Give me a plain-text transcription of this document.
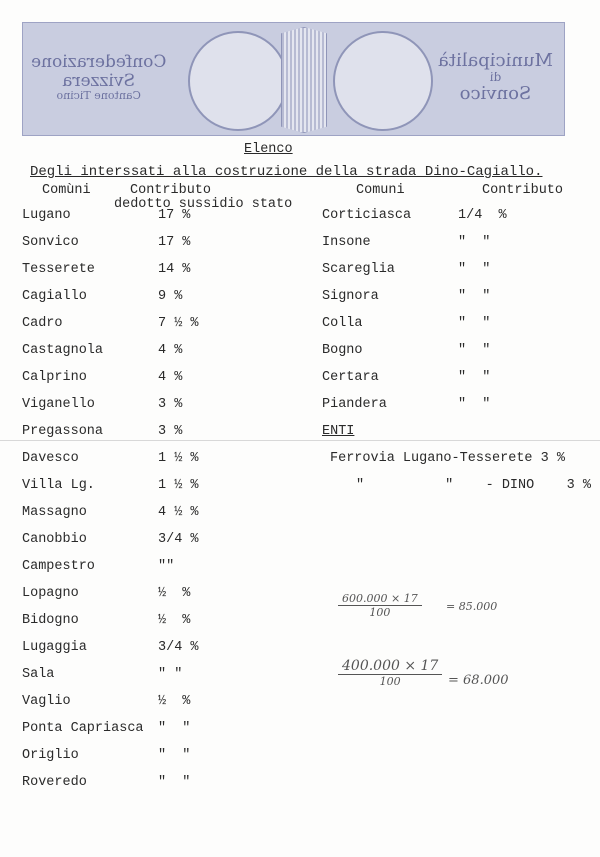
Confederazione
Svizzera
Cantone Ticino
Municipalità
di
Sonvico
Elenco
Degli interssati alla costruzione della strada Dino-Cagiallo.
Comùni	Contributo
dedotto sussidio stato
Comuni	Contributo
Lugano	17 %
Sonvico	17 %
Tesserete	14 %
Cagiallo	9 %
Cadro	7 ½ %
Castagnola	4 %
Calprino	4 %
Viganello	3 %
Pregassona	3 %
Davesco	1 ½ %
Villa Lg.	1 ½ %
Massagno	4 ½ %
Canobbio	3/4 %
Campestro	""
Lopagno	½  %
Bidogno	½  %
Lugaggia	3/4 %
Sala	" "
Vaglio	½  %
Ponta Capriasca "  "
Origlio	"  "
Roveredo	"  "
Corticiasca	1/4  %
Insone	"  "
Scareglia	"  "
Signora	"  "
Colla	"  "
Bogno	"  "
Certara	"  "
Piandera	"  "
ENTI
Ferrovia Lugano-Tesserete 3 %
"          "    - DINO 3 %
$\frac{600.000 \times 17}{100} = 85.000$
400.000 × 17
100	= 68.000
